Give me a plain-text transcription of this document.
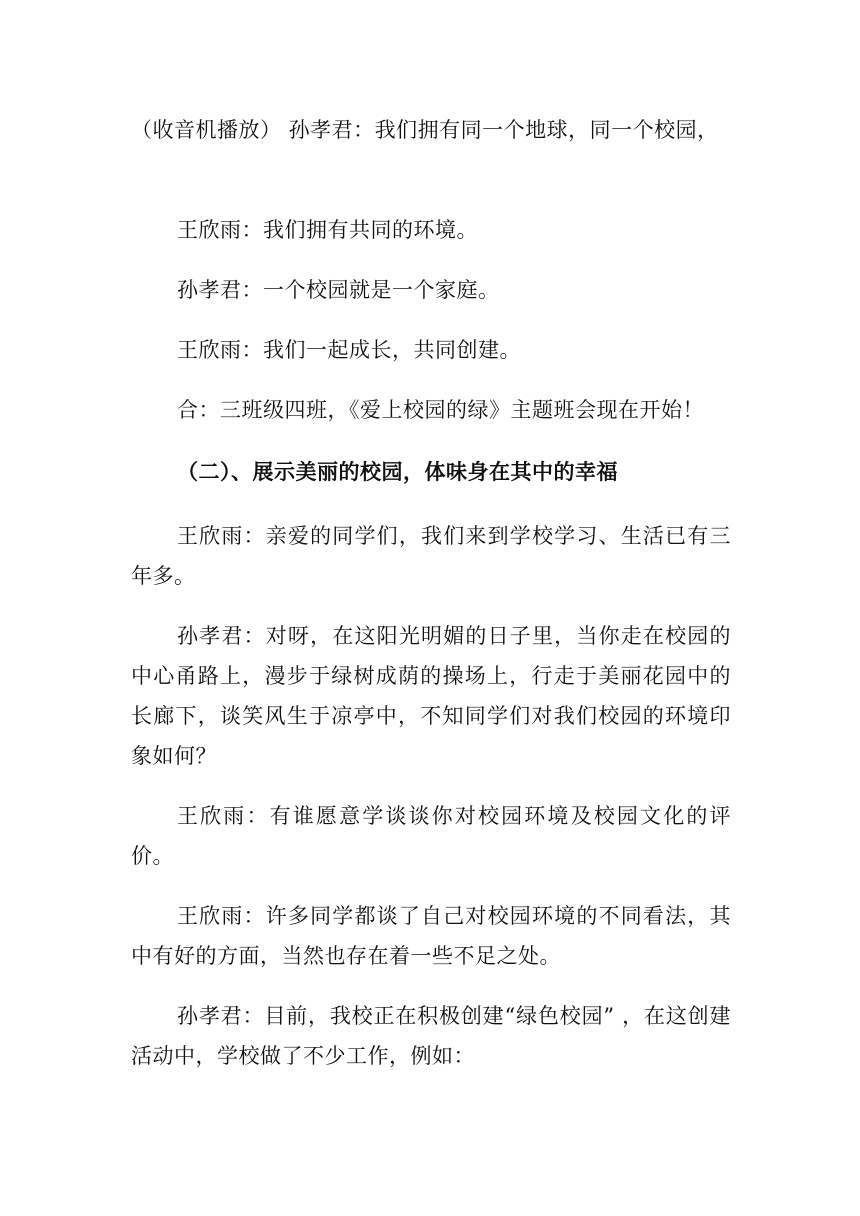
（收音机播放） 孙孝君：我们拥有同一个地球，同一个校园，

王欣雨：我们拥有共同的环境。

孙孝君：一个校园就是一个家庭。

王欣雨：我们一起成长，共同创建。

合：三班级四班，《爱上校园的绿》主题班会现在开始！

（二）、展示美丽的校园，体味身在其中的幸福

王欣雨：亲爱的同学们，我们来到学校学习、生活已有三年多。

孙孝君：对呀，在这阳光明媚的日子里，当你走在校园的中心甬路上，漫步于绿树成荫的操场上，行走于美丽花园中的长廊下，谈笑风生于凉亭中，不知同学们对我们校园的环境印象如何？

王欣雨：有谁愿意学谈谈你对校园环境及校园文化的评价。

王欣雨：许多同学都谈了自己对校园环境的不同看法，其中有好的方面，当然也存在着一些不足之处。

孙孝君：目前，我校正在积极创建“绿色校园” ，在这创建活动中，学校做了不少工作，例如：
